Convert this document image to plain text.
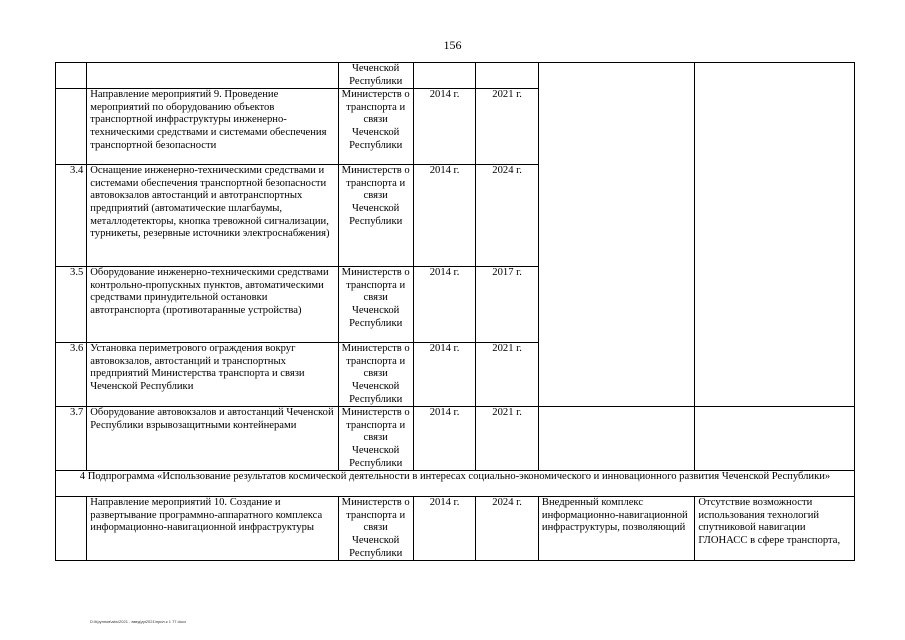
156
		Чеченской Республики				
	Направление мероприятий 9. Проведение мероприятий по оборудованию объектов транспортной инфраструктуры инженерно-техническими средствами и системами обеспечения транспортной безопасности	Министерств о транспорта и связи Чеченской Республики	2014 г.	2021 г.		
3.4	Оснащение инженерно-техническими средствами и системами обеспечения транспортной безопасности автовокзалов автостанций и автотранспортных предприятий (автоматические шлагбаумы, металлодетекторы, кнопка тревожной сигнализации, турникеты, резервные источники электроснабжения)	Министерств о транспорта и связи Чеченской Республики	2014 г.	2024 г.		
3.5	Оборудование инженерно-техническими средствами контрольно-пропускных пунктов, автоматическими средствами принудительной остановки автотранспорта (противотаранные устройства)	Министерств о транспорта и связи Чеченской Республики	2014 г.	2017 г.		
3.6	Установка периметрового ограждения вокруг автовокзалов, автостанций и транспортных предприятий Министерства транспорта и связи Чеченской Республики	Министерств о транспорта и связи Чеченской Республики	2014 г.	2021 г.		
3.7	Оборудование автовокзалов и автостанций Чеченской Республики взрывозащитными контейнерами	Министерств о транспорта и связи Чеченской Республики	2014 г.	2021 г.		
4 Подпрограмма «Использование результатов космической деятельности в интересах социально-экономического и инновационного развития Чеченской Республики»						
	Направление мероприятий 10. Создание и развертывание программно-аппаратного комплекса информационно-навигационной инфраструктуры	Министерств о транспорта и связи Чеченской Республики	2014 г.	2024 г.	Внедренный комплекс информационно-навигационной инфраструктуры, позволяющий	Отсутствие возможности использования технологий спутниковой навигации ГЛОНАСС в сфере транспорта,
D:\Крупнов\abs\2021 - введ\дн2021\прил.к 1 77.docx
